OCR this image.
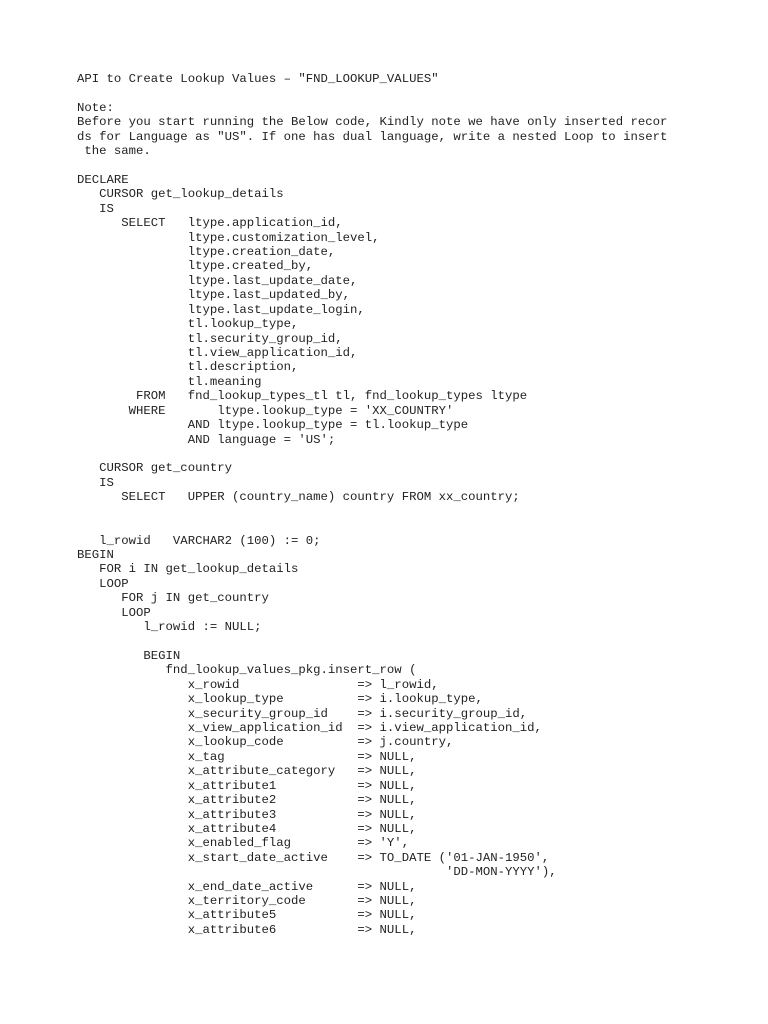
API to Create Lookup Values – "FND_LOOKUP_VALUES"
Note:
Before you start running the Below code, Kindly note we have only inserted recor
ds for Language as "US". If one has dual language, write a nested Loop to insert
the same.
DECLARE
CURSOR get_lookup_details
IS
SELECT   ltype.application_id,
ltype.customization_level,
ltype.creation_date,
ltype.created_by,
ltype.last_update_date,
ltype.last_updated_by,
ltype.last_update_login,
tl.lookup_type,
tl.security_group_id,
tl.view_application_id,
tl.description,
tl.meaning
FROM   fnd_lookup_types_tl tl, fnd_lookup_types ltype
WHERE       ltype.lookup_type = 'XX_COUNTRY'
AND ltype.lookup_type = tl.lookup_type
AND language = 'US';
CURSOR get_country
IS
SELECT   UPPER (country_name) country FROM xx_country;
l_rowid   VARCHAR2 (100) := 0;
BEGIN
FOR i IN get_lookup_details
LOOP
FOR j IN get_country
LOOP
l_rowid := NULL;
BEGIN
fnd_lookup_values_pkg.insert_row (
x_rowid                => l_rowid,
x_lookup_type          => i.lookup_type,
x_security_group_id    => i.security_group_id,
x_view_application_id  => i.view_application_id,
x_lookup_code          => j.country,
x_tag                  => NULL,
x_attribute_category   => NULL,
x_attribute1           => NULL,
x_attribute2           => NULL,
x_attribute3           => NULL,
x_attribute4           => NULL,
x_enabled_flag         => 'Y',
x_start_date_active    => TO_DATE ('01-JAN-1950',
'DD-MON-YYYY'),
x_end_date_active      => NULL,
x_territory_code       => NULL,
x_attribute5           => NULL,
x_attribute6           => NULL,
